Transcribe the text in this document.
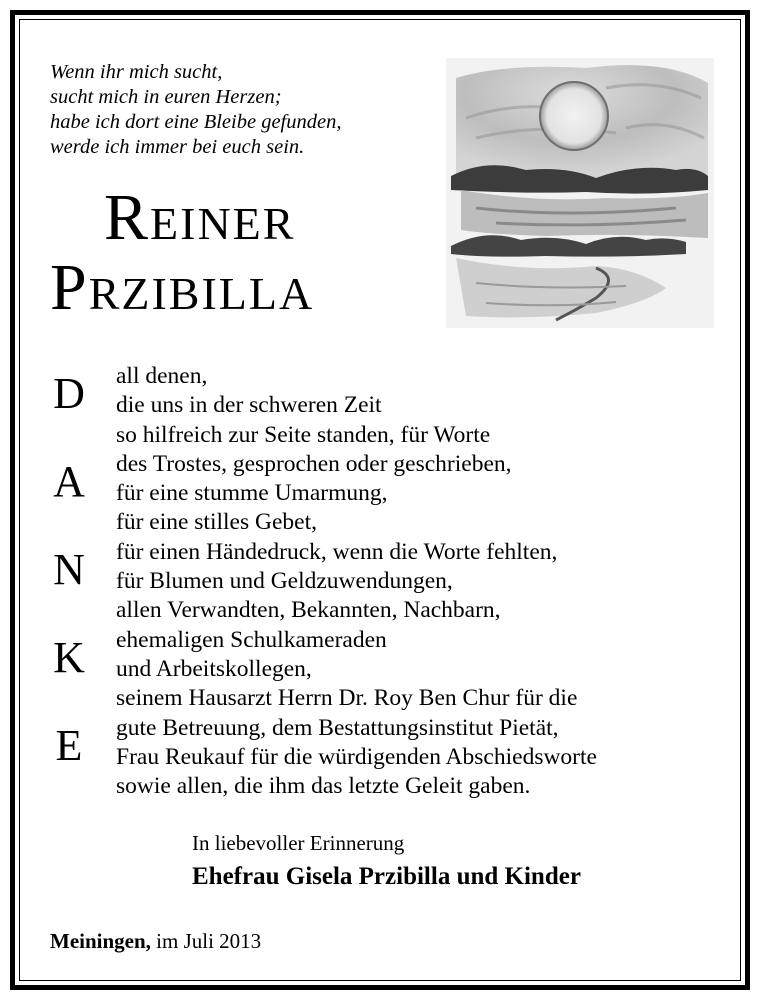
Wenn ihr mich sucht,
sucht mich in euren Herzen;
habe ich dort eine Bleibe gefunden,
werde ich immer bei euch sein.
Reiner
Przibilla
D
A
N
K
E
all denen,
die uns in der schweren Zeit
so hilfreich zur Seite standen, für Worte
des Trostes, gesprochen oder geschrieben,
für eine stumme Umarmung,
für eine stilles Gebet,
für einen Händedruck, wenn die Worte fehlten,
für Blumen und Geldzuwendungen,
allen Verwandten, Bekannten, Nachbarn,
ehemaligen Schulkameraden
und Arbeitskollegen,
seinem Hausarzt Herrn Dr. Roy Ben Chur für die
gute Betreuung, dem Bestattungsinstitut Pietät,
Frau Reukauf für die würdigenden Abschiedsworte
sowie allen, die ihm das letzte Geleit gaben.
In liebevoller Erinnerung
Ehefrau Gisela Przibilla und Kinder
Meiningen, im Juli 2013
